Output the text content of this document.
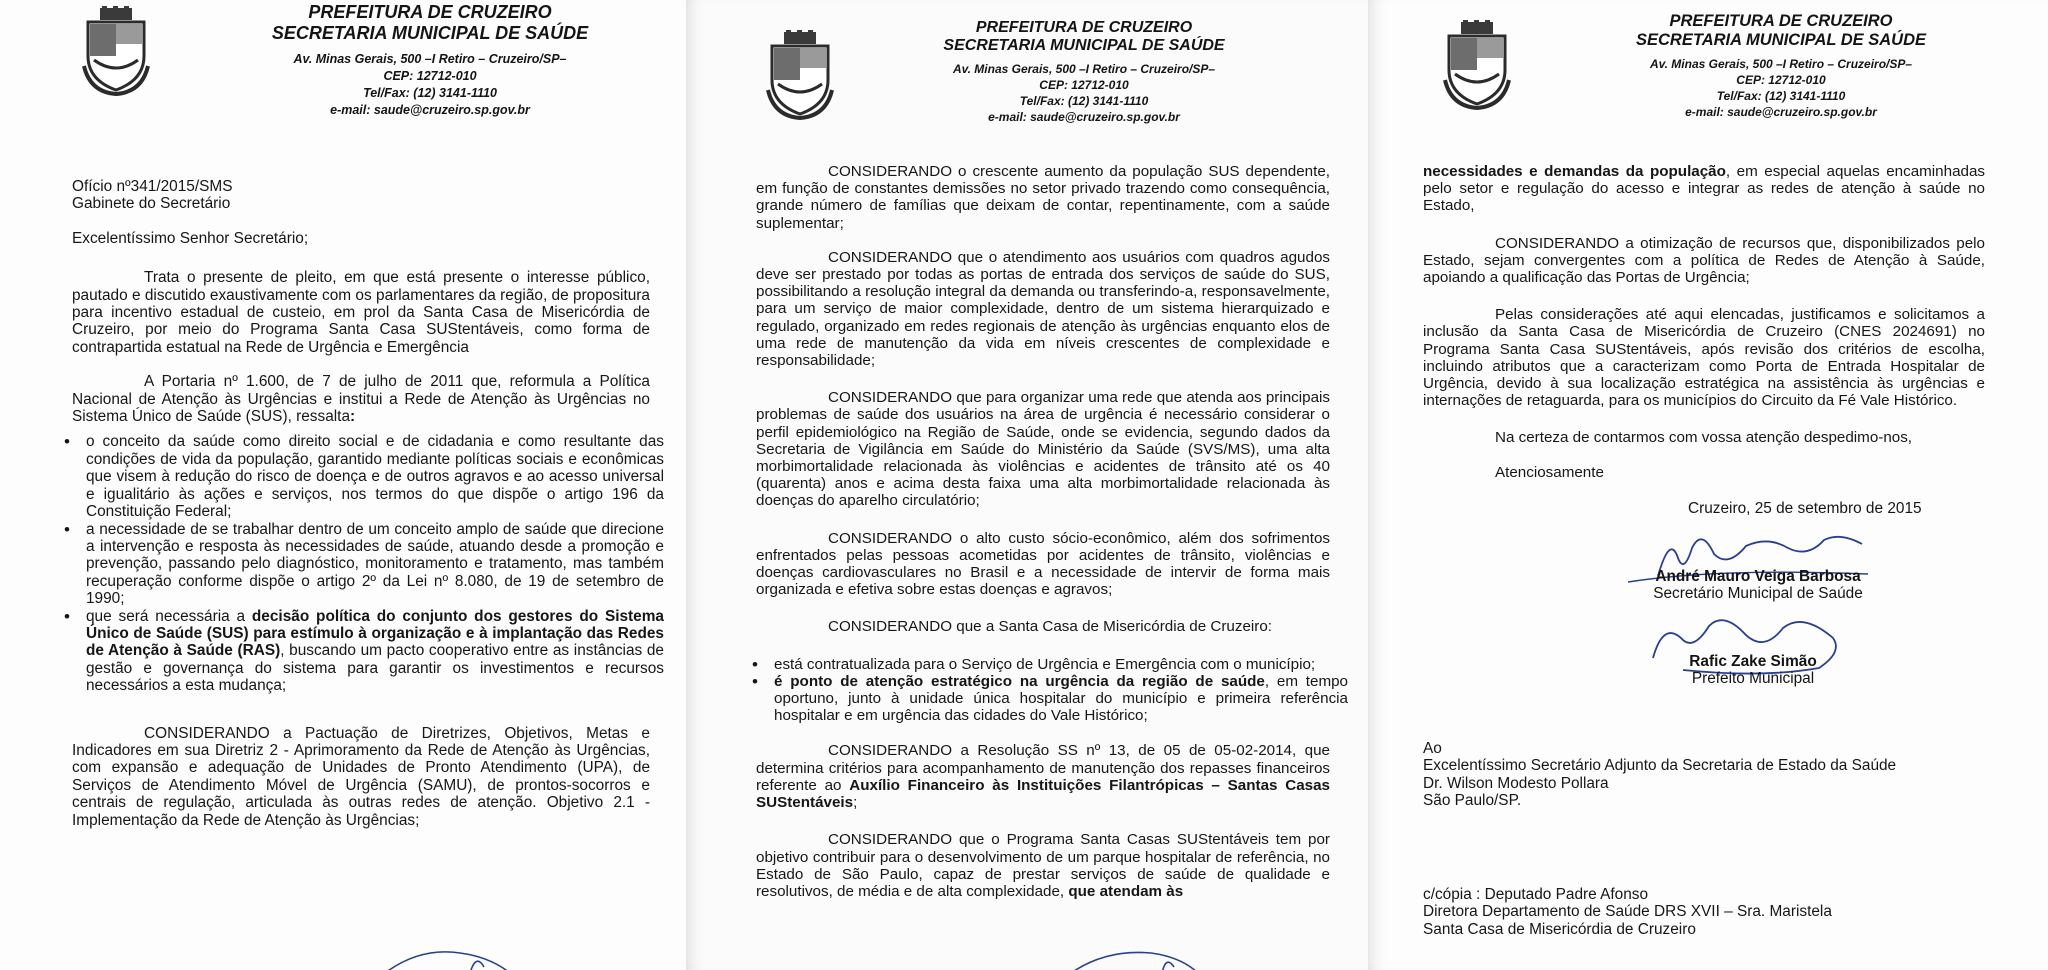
PREFEITURA DE CRUZEIRO

SECRETARIA MUNICIPAL DE SAÚDE

Av. Minas Gerais, 500 –I Retiro – Cruzeiro/SP–

CEP: 12712-010

Tel/Fax: (12) 3141-1110

e-mail: saude@cruzeiro.sp.gov.br

Ofício nº341/2015/SMS

Gabinete do Secretário

Excelentíssimo Senhor Secretário;

Trata o presente de pleito, em que está presente o interesse público, pautado e discutido exaustivamente com os parlamentares da região, de propositura para incentivo estadual de custeio, em prol da Santa Casa de Misericórdia de Cruzeiro, por meio do Programa Santa Casa SUStentáveis, como forma de contrapartida estatual na Rede de Urgência e Emergência

A Portaria nº 1.600, de 7 de julho de 2011 que, reformula a Política Nacional de Atenção às Urgências e institui a Rede de Atenção às Urgências no Sistema Único de Saúde (SUS), ressalta:

• o conceito da saúde como direito social e de cidadania e como resultante das condições de vida da população, garantido mediante políticas sociais e econômicas que visem à redução do risco de doença e de outros agravos e ao acesso universal e igualitário às ações e serviços, nos termos do que dispõe o artigo 196 da Constituição Federal;
• a necessidade de se trabalhar dentro de um conceito amplo de saúde que direcione a intervenção e resposta às necessidades de saúde, atuando desde a promoção e prevenção, passando pelo diagnóstico, monitoramento e tratamento, mas também recuperação conforme dispõe o artigo 2º da Lei nº 8.080, de 19 de setembro de 1990;
• que será necessária a decisão política do conjunto dos gestores do Sistema Único de Saúde (SUS) para estímulo à organização e à implantação das Redes de Atenção à Saúde (RAS), buscando um pacto cooperativo entre as instâncias de gestão e governança do sistema para garantir os investimentos e recursos necessários a esta mudança;

CONSIDERANDO a Pactuação de Diretrizes, Objetivos, Metas e Indicadores em sua Diretriz 2 - Aprimoramento da Rede de Atenção às Urgências, com expansão e adequação de Unidades de Pronto Atendimento (UPA), de Serviços de Atendimento Móvel de Urgência (SAMU), de prontos-socorros e centrais de regulação, articulada às outras redes de atenção. Objetivo 2.1 - Implementação da Rede de Atenção às Urgências;

PREFEITURA DE CRUZEIRO

SECRETARIA MUNICIPAL DE SAÚDE

Av. Minas Gerais, 500 –I Retiro – Cruzeiro/SP–

CEP: 12712-010

Tel/Fax: (12) 3141-1110

e-mail: saude@cruzeiro.sp.gov.br

CONSIDERANDO o crescente aumento da população SUS dependente, em função de constantes demissões no setor privado trazendo como consequência, grande número de famílias que deixam de contar, repentinamente, com a saúde suplementar;

CONSIDERANDO que o atendimento aos usuários com quadros agudos deve ser prestado por todas as portas de entrada dos serviços de saúde do SUS, possibilitando a resolução integral da demanda ou transferindo-a, responsavelmente, para um serviço de maior complexidade, dentro de um sistema hierarquizado e regulado, organizado em redes regionais de atenção às urgências enquanto elos de uma rede de manutenção da vida em níveis crescentes de complexidade e responsabilidade;

CONSIDERANDO que para organizar uma rede que atenda aos principais problemas de saúde dos usuários na área de urgência é necessário considerar o perfil epidemiológico na Região de Saúde, onde se evidencia, segundo dados da Secretaria de Vigilância em Saúde do Ministério da Saúde (SVS/MS), uma alta morbimortalidade relacionada às violências e acidentes de trânsito até os 40 (quarenta) anos e acima desta faixa uma alta morbimortalidade relacionada às doenças do aparelho circulatório;

CONSIDERANDO o alto custo sócio-econômico, além dos sofrimentos enfrentados pelas pessoas acometidas por acidentes de trânsito, violências e doenças cardiovasculares no Brasil e a necessidade de intervir de forma mais organizada e efetiva sobre estas doenças e agravos;

CONSIDERANDO que a Santa Casa de Misericórdia de Cruzeiro:

• está contratualizada para o Serviço de Urgência e Emergência com o município;
• é ponto de atenção estratégico na urgência da região de saúde, em tempo oportuno, junto à unidade única hospitalar do município e primeira referência hospitalar e em urgência das cidades do Vale Histórico;

CONSIDERANDO a Resolução SS nº 13, de 05 de 05-02-2014, que determina critérios para acompanhamento de manutenção dos repasses financeiros referente ao Auxílio Financeiro às Instituições Filantrópicas – Santas Casas SUStentáveis;

CONSIDERANDO que o Programa Santa Casas SUStentáveis tem por objetivo contribuir para o desenvolvimento de um parque hospitalar de referência, no Estado de São Paulo, capaz de prestar serviços de saúde de qualidade e resolutivos, de média e de alta complexidade, que atendam às

PREFEITURA DE CRUZEIRO

SECRETARIA MUNICIPAL DE SAÚDE

Av. Minas Gerais, 500 –I Retiro – Cruzeiro/SP–

CEP: 12712-010

Tel/Fax: (12) 3141-1110

e-mail: saude@cruzeiro.sp.gov.br

necessidades e demandas da população, em especial aquelas encaminhadas pelo setor e regulação do acesso e integrar as redes de atenção à saúde no Estado,

CONSIDERANDO a otimização de recursos que, disponibilizados pelo Estado, sejam convergentes com a política de Redes de Atenção à Saúde, apoiando a qualificação das Portas de Urgência;

Pelas considerações até aqui elencadas, justificamos e solicitamos a inclusão da Santa Casa de Misericórdia de Cruzeiro (CNES 2024691) no Programa Santa Casa SUStentáveis, após revisão dos critérios de escolha, incluindo atributos que a caracterizam como Porta de Entrada Hospitalar de Urgência, devido à sua localização estratégica na assistência às urgências e internações de retaguarda, para os municípios do Circuito da Fé Vale Histórico.

Na certeza de contarmos com vossa atenção despedimo-nos,

Atenciosamente

Cruzeiro, 25 de setembro de 2015
André Mauro Veiga Barbosa
Secretário Municipal de Saúde
Rafic Zake Simão
Prefeito Municipal
Ao
Excelentíssimo Secretário Adjunto da Secretaria de Estado da Saúde
Dr. Wilson Modesto Pollara
São Paulo/SP.
c/cópia : Deputado Padre Afonso
Diretora Departamento de Saúde DRS XVII – Sra. Maristela
Santa Casa de Misericórdia de Cruzeiro
